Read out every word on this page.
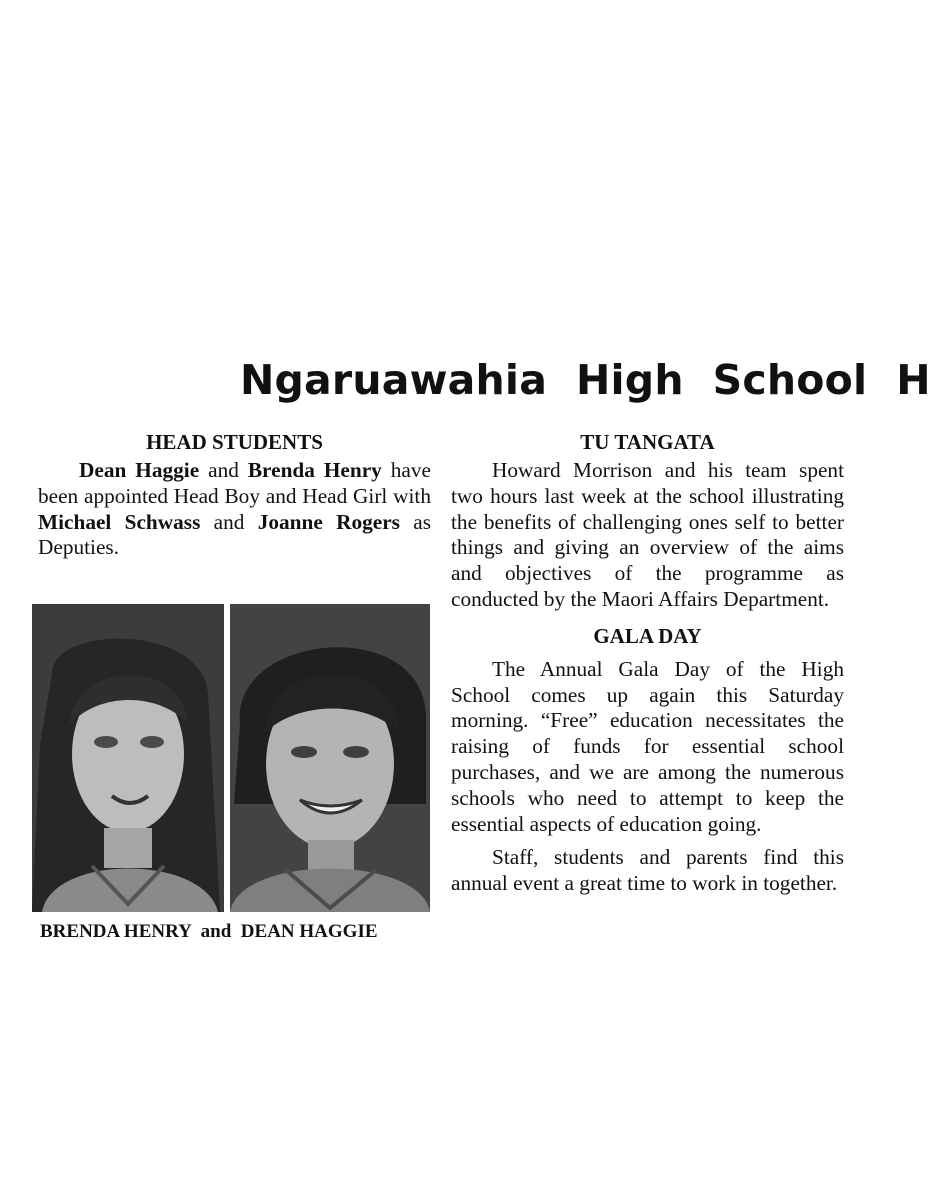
Ngaruawahia  High  School  H
HEAD STUDENTS

Dean Haggie and Brenda Henry have been appointed Head Boy and Head Girl with Michael Schwass and Joanne Rogers as Deputies.

BRENDA HENRY  and  DEAN HAGGIE
TU TANGATA

Howard Morrison and his team spent two hours last week at the school illustrating the benefits of challenging ones self to better things and giving an overview of the aims and objectives of the programme as conducted by the Maori Affairs Department.

GALA DAY

The Annual Gala Day of the High School comes up again this Saturday morning. “Free” education necessitates the raising of funds for essential school purchases, and we are among the numerous schools who need to attempt to keep the essential aspects of education going.

Staff, students and parents find this annual event a great time to work in together.
